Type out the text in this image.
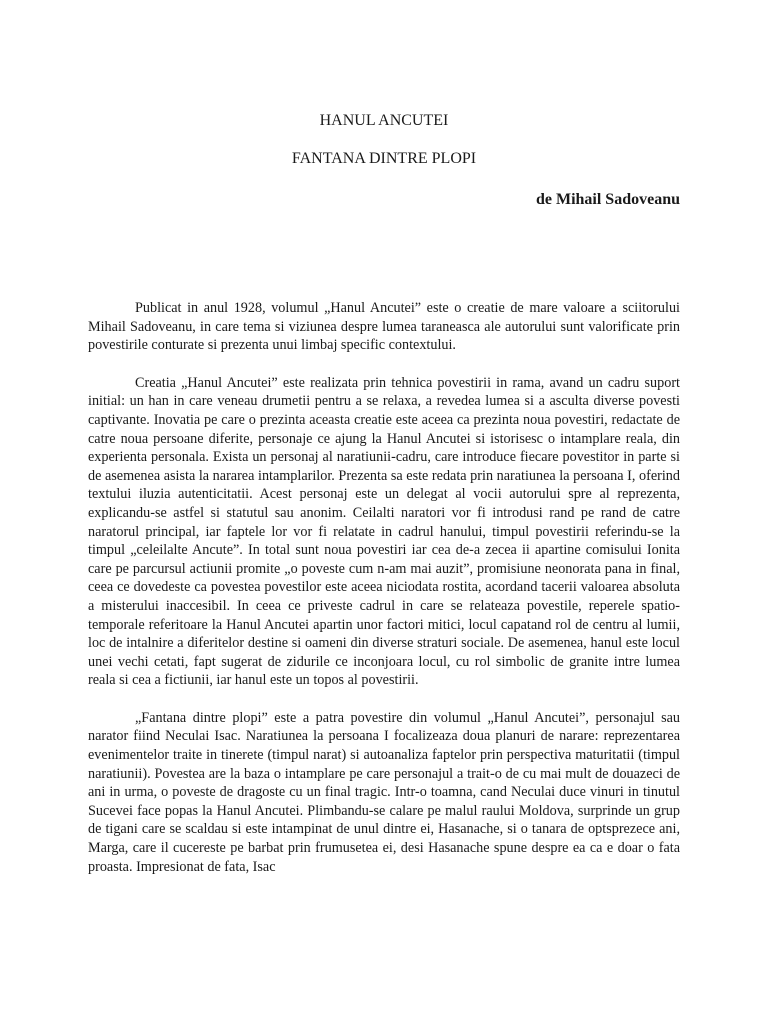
HANUL ANCUTEI
FANTANA DINTRE PLOPI

de Mihail Sadoveanu

Publicat in anul 1928, volumul „Hanul Ancutei” este o creatie de mare valoare a sciitorului Mihail Sadoveanu, in care tema si viziunea despre lumea taraneasca ale autorului sunt valorificate prin povestirile conturate si prezenta unui limbaj specific contextului.

Creatia „Hanul Ancutei” este realizata prin tehnica povestirii in rama, avand un cadru suport initial: un han in care veneau drumetii pentru a se relaxa, a revedea lumea si a asculta diverse povesti captivante. Inovatia pe care o prezinta aceasta creatie este aceea ca prezinta noua povestiri, redactate de catre noua persoane diferite, personaje ce ajung la Hanul Ancutei si istorisesc o intamplare reala, din experienta personala. Exista un personaj al naratiunii-cadru, care introduce fiecare povestitor in parte si de asemenea asista la nararea intamplarilor. Prezenta sa este redata prin naratiunea la persoana I, oferind textului iluzia autenticitatii. Acest personaj este un delegat al vocii autorului spre al reprezenta, explicandu-se astfel si statutul sau anonim. Ceilalti naratori vor fi introdusi rand pe rand de catre naratorul principal, iar faptele lor vor fi relatate in cadrul hanului, timpul povestirii referindu-se la timpul „celeilalte Ancute”. In total sunt noua povestiri iar cea de-a zecea ii apartine comisului Ionita care pe parcursul actiunii promite „o poveste cum n-am mai auzit”, promisiune neonorata pana in final, ceea ce dovedeste ca povestea povestilor este aceea niciodata rostita, acordand tacerii valoarea absoluta a misterului inaccesibil. In ceea ce priveste cadrul in care se relateaza povestile, reperele spatio-temporale referitoare la Hanul Ancutei apartin unor factori mitici, locul capatand rol de centru al lumii, loc de intalnire a diferitelor destine si oameni din diverse straturi sociale. De asemenea, hanul este locul unei vechi cetati, fapt sugerat de zidurile ce inconjoara locul, cu rol simbolic de granite intre lumea reala si cea a fictiunii, iar hanul este un topos al povestirii.

„Fantana dintre plopi” este a patra povestire din volumul „Hanul Ancutei”, personajul sau narator fiind Neculai Isac. Naratiunea la persoana I focalizeaza doua planuri de narare: reprezentarea evenimentelor traite in tinerete (timpul narat) si autoanaliza faptelor prin perspectiva maturitatii (timpul naratiunii). Povestea are la baza o intamplare pe care personajul a trait-o de cu mai mult de douazeci de ani in urma, o poveste de dragoste cu un final tragic. Intr-o toamna, cand Neculai duce vinuri in tinutul Sucevei face popas la Hanul Ancutei. Plimbandu-se calare pe malul raului Moldova, surprinde un grup de tigani care se scaldau si este intampinat de unul dintre ei, Hasanache, si o tanara de optsprezece ani, Marga, care il cucereste pe barbat prin frumusetea ei, desi Hasanache spune despre ea ca e doar o fata proasta. Impresionat de fata, Isac
